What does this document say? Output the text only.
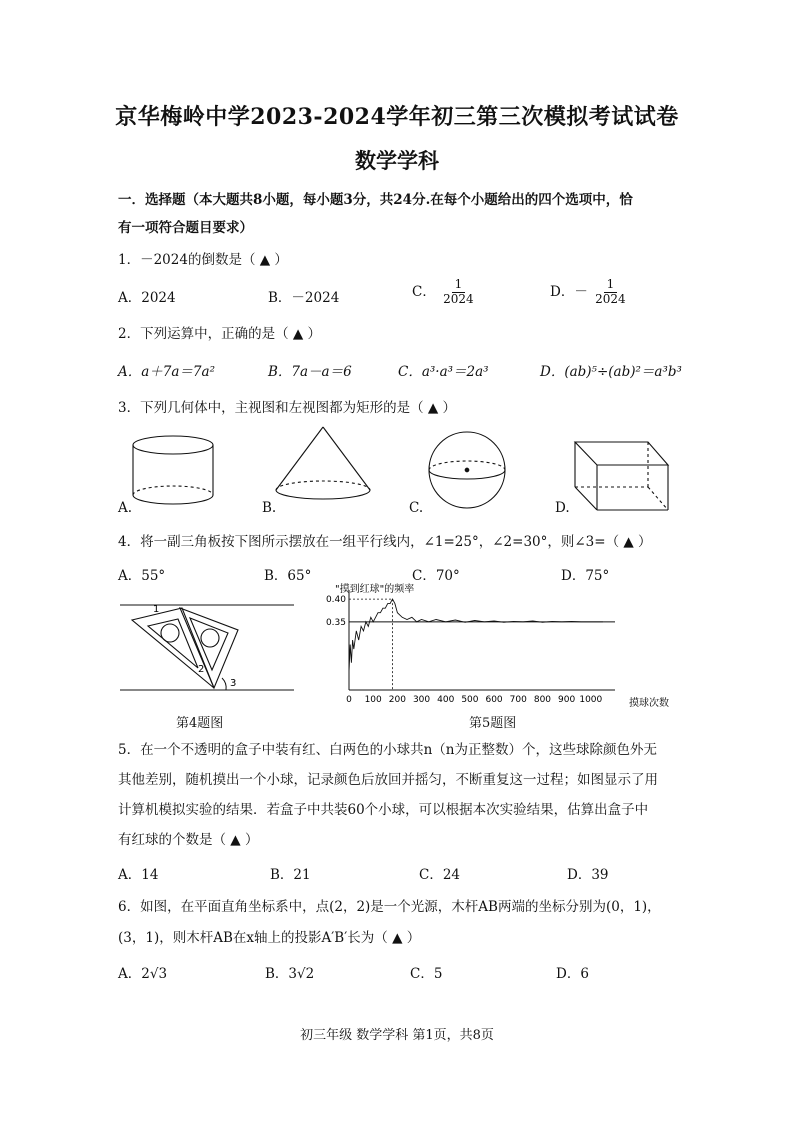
京华梅岭中学2023-2024学年初三第三次模拟考试试卷
数学学科
一．选择题（本大题共8小题，每小题3分，共24分.在每个小题给出的四个选项中，恰
有一项符合题目要求）
1．－2024的倒数是（ ▲ ）
A．2024	B．－2024	C． $\frac{1}{2024}$	D．－ $\frac{1}{2024}$
2．下列运算中，正确的是（ ▲ ）
A．a＋7a＝7a²	B．7a－a＝6	C．a³·a³＝2a³	D．(ab)⁵÷(ab)²＝a³b³
3．下列几何体中，主视图和左视图都为矩形的是（ ▲ ）
A.	B.	C.	D.
4．将一副三角板按下图所示摆放在一组平行线内，∠1=25°，∠2=30°，则∠3=（ ▲ ）
A．55°	B．65°	C．70°	D．75°
1
2
3
第4题图
"摸到红球"的频率
摸球次数
0 100 200 300 400 500 600 700 800 900 1000
0.35
0.40
第5题图
5．在一个不透明的盒子中装有红、白两色的小球共n（n为正整数）个，这些球除颜色外无
其他差别，随机摸出一个小球，记录颜色后放回并摇匀，不断重复这一过程；如图显示了用
计算机模拟实验的结果．若盒子中共装60个小球，可以根据本次实验结果，估算出盒子中
有红球的个数是（ ▲ ）
A．14	B．21	C．24	D．39
6．如图，在平面直角坐标系中，点(2，2)是一个光源，木杆AB两端的坐标分别为(0，1)，
(3，1)，则木杆AB在x轴上的投影A′B′长为（ ▲ ）
A．2√3	B．3√2	C．5	D．6
初三年级 数学学科 第1页，共8页
